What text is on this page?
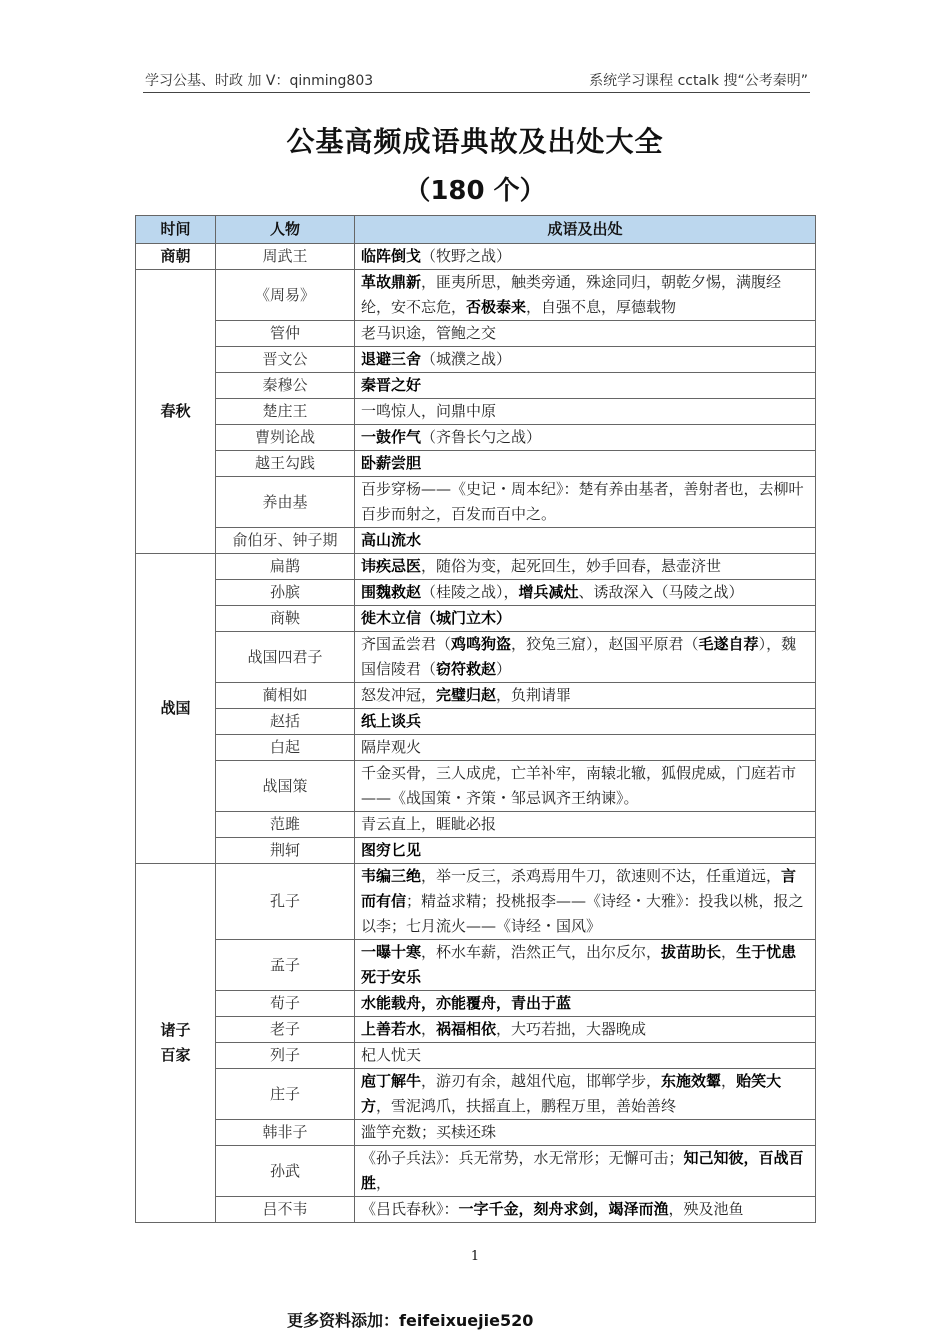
学习公基、时政 加 V：qinming803	系统学习课程 cctalk 搜“公考秦明”
公基高频成语典故及出处大全
（180 个）
时间	人物	成语及出处
商朝	周武王	临阵倒戈（牧野之战）
春秋	《周易》	革故鼎新，匪夷所思，触类旁通，殊途同归，朝乾夕惕，满腹经纶，安不忘危，否极泰来，自强不息，厚德载物
	管仲	老马识途，管鲍之交
	晋文公	退避三舍（城濮之战）
	秦穆公	秦晋之好
	楚庄王	一鸣惊人，问鼎中原
	曹刿论战	一鼓作气（齐鲁长勺之战）
	越王勾践	卧薪尝胆
	养由基	百步穿杨——《史记・周本纪》：楚有养由基者，善射者也，去柳叶百步而射之，百发而百中之。
	俞伯牙、钟子期	高山流水
战国	扁鹊	讳疾忌医，随俗为变，起死回生，妙手回春，悬壶济世
	孙膑	围魏救赵（桂陵之战），增兵减灶、诱敌深入（马陵之战）
	商鞅	徙木立信（城门立木）
	战国四君子	齐国孟尝君（鸡鸣狗盗，狡兔三窟），赵国平原君（毛遂自荐），魏国信陵君（窃符救赵）
	蔺相如	怒发冲冠，完璧归赵，负荆请罪
	赵括	纸上谈兵
	白起	隔岸观火
	战国策	千金买骨，三人成虎，亡羊补牢，南辕北辙，狐假虎威，门庭若市——《战国策・齐策・邹忌讽齐王纳谏》。
	范雎	青云直上，睚眦必报
	荆轲	图穷匕见
诸子
百家	孔子	韦编三绝，举一反三，杀鸡焉用牛刀，欲速则不达，任重道远，言而有信；精益求精；投桃报李——《诗经・大雅》：投我以桃，报之以李；七月流火——《诗经・国风》
	孟子	一曝十寒，杯水车薪，浩然正气，出尔反尔，拔苗助长，生于忧患死于安乐
	荀子	水能载舟，亦能覆舟，青出于蓝
	老子	上善若水，祸福相依，大巧若拙，大器晚成
	列子	杞人忧天
	庄子	庖丁解牛，游刃有余，越俎代庖，邯郸学步，东施效颦，贻笑大方，雪泥鸿爪，扶摇直上，鹏程万里，善始善终
	韩非子	滥竽充数；买椟还珠
	孙武	《孙子兵法》：兵无常势，水无常形；无懈可击；知己知彼，百战百胜，
	吕不韦	《吕氏春秋》：一字千金，刻舟求剑，竭泽而渔，殃及池鱼
1
更多资料添加：feifeixuejie520
